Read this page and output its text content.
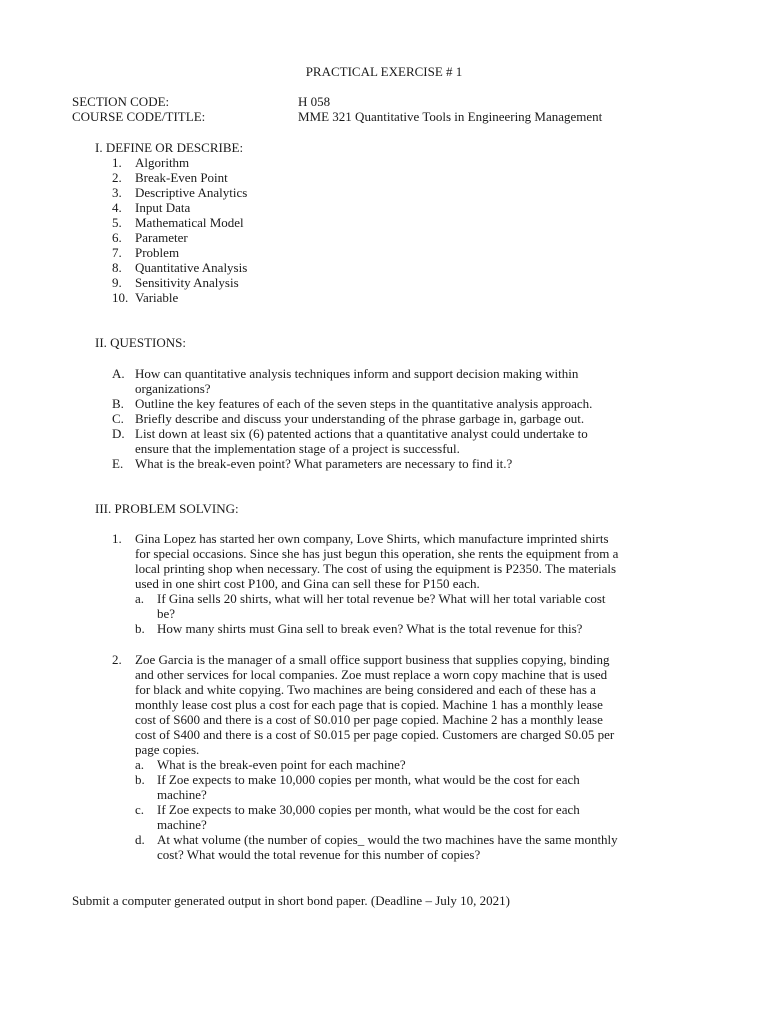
PRACTICAL EXERCISE # 1
SECTION CODE:	H 058
COURSE CODE/TITLE:	MME 321 Quantitative Tools in Engineering Management
I. DEFINE OR DESCRIBE:
1.	Algorithm
2.	Break-Even Point
3.	Descriptive Analytics
4.	Input Data
5.	Mathematical Model
6.	Parameter
7.	Problem
8.	Quantitative Analysis
9.	Sensitivity Analysis
10. Variable
II. QUESTIONS:
A. How can quantitative analysis techniques inform and support decision making within
organizations?
B. Outline the key features of each of the seven steps in the quantitative analysis approach.
C. Briefly describe and discuss your understanding of the phrase garbage in, garbage out.
D. List down at least six (6) patented actions that a quantitative analyst could undertake to
ensure that the implementation stage of a project is successful.
E. What is the break-even point? What parameters are necessary to find it.?
III. PROBLEM SOLVING:
1. Gina Lopez has started her own company, Love Shirts, which manufacture imprinted shirts
for special occasions. Since she has just begun this operation, she rents the equipment from a
local printing shop when necessary. The cost of using the equipment is P2350. The materials
used in one shirt cost P100, and Gina can sell these for P150 each.
a. If Gina sells 20 shirts, what will her total revenue be? What will her total variable cost
be?
b. How many shirts must Gina sell to break even? What is the total revenue for this?
2. Zoe Garcia is the manager of a small office support business that supplies copying, binding
and other services for local companies. Zoe must replace a worn copy machine that is used
for black and white copying. Two machines are being considered and each of these has a
monthly lease cost plus a cost for each page that is copied. Machine 1 has a monthly lease
cost of S600 and there is a cost of S0.010 per page copied. Machine 2 has a monthly lease
cost of S400 and there is a cost of S0.015 per page copied. Customers are charged S0.05 per
page copies.
a. What is the break-even point for each machine?
b. If Zoe expects to make 10,000 copies per month, what would be the cost for each
machine?
c. If Zoe expects to make 30,000 copies per month, what would be the cost for each
machine?
d. At what volume (the number of copies_ would the two machines have the same monthly
cost? What would the total revenue for this number of copies?
Submit a computer generated output in short bond paper. (Deadline – July 10, 2021)
